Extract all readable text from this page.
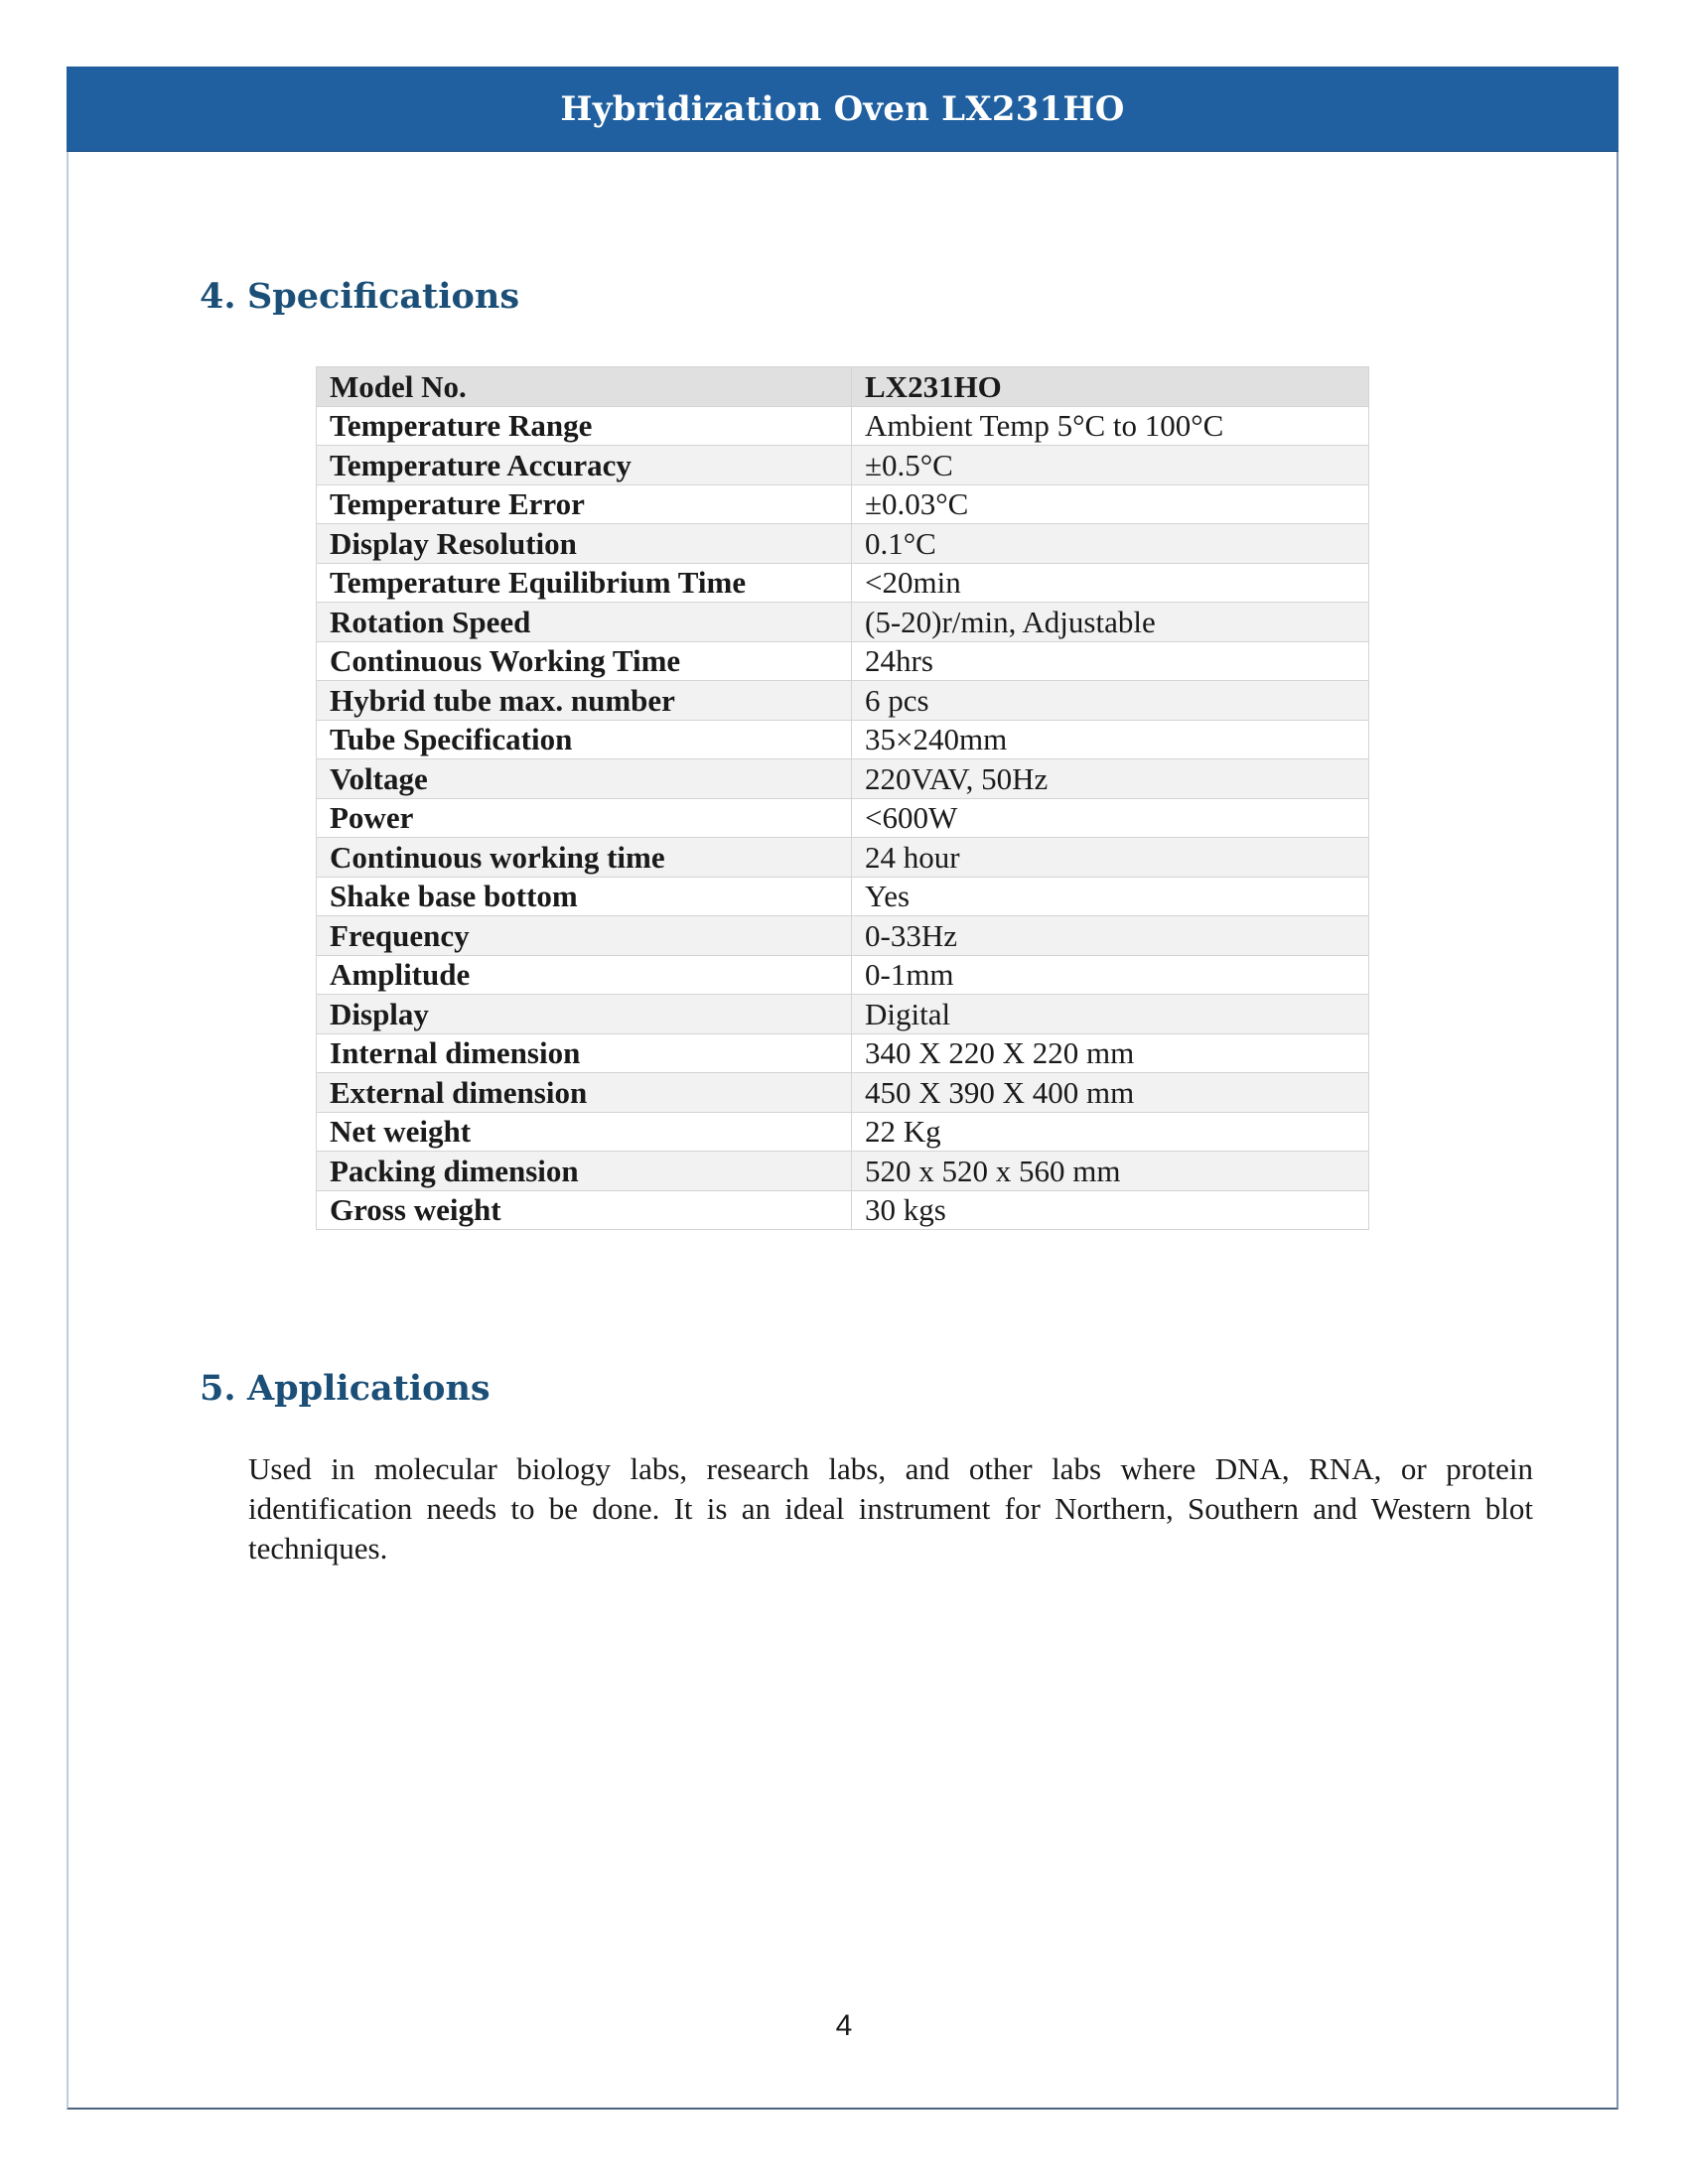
Hybridization Oven LX231HO
4. Specifications
Model No.	LX231HO
Temperature Range	Ambient Temp 5°C to 100°C
Temperature Accuracy	±0.5°C
Temperature Error	±0.03°C
Display Resolution	0.1°C
Temperature Equilibrium Time	<20min
Rotation Speed	(5-20)r/min, Adjustable
Continuous Working Time	24hrs
Hybrid tube max. number	6 pcs
Tube Specification	35×240mm
Voltage	220VAV, 50Hz
Power	<600W
Continuous working time	24 hour
Shake base bottom	Yes
Frequency	0-33Hz
Amplitude	0-1mm
Display	Digital
Internal dimension	340 X 220 X 220 mm
External dimension	450 X 390 X 400 mm
Net weight	22 Kg
Packing dimension	520 x 520 x 560 mm
Gross weight	30 kgs
5. Applications

Used in molecular biology labs, research labs, and other labs where DNA, RNA, or protein identification needs to be done. It is an ideal instrument for Northern, Southern and Western blot techniques.

4
